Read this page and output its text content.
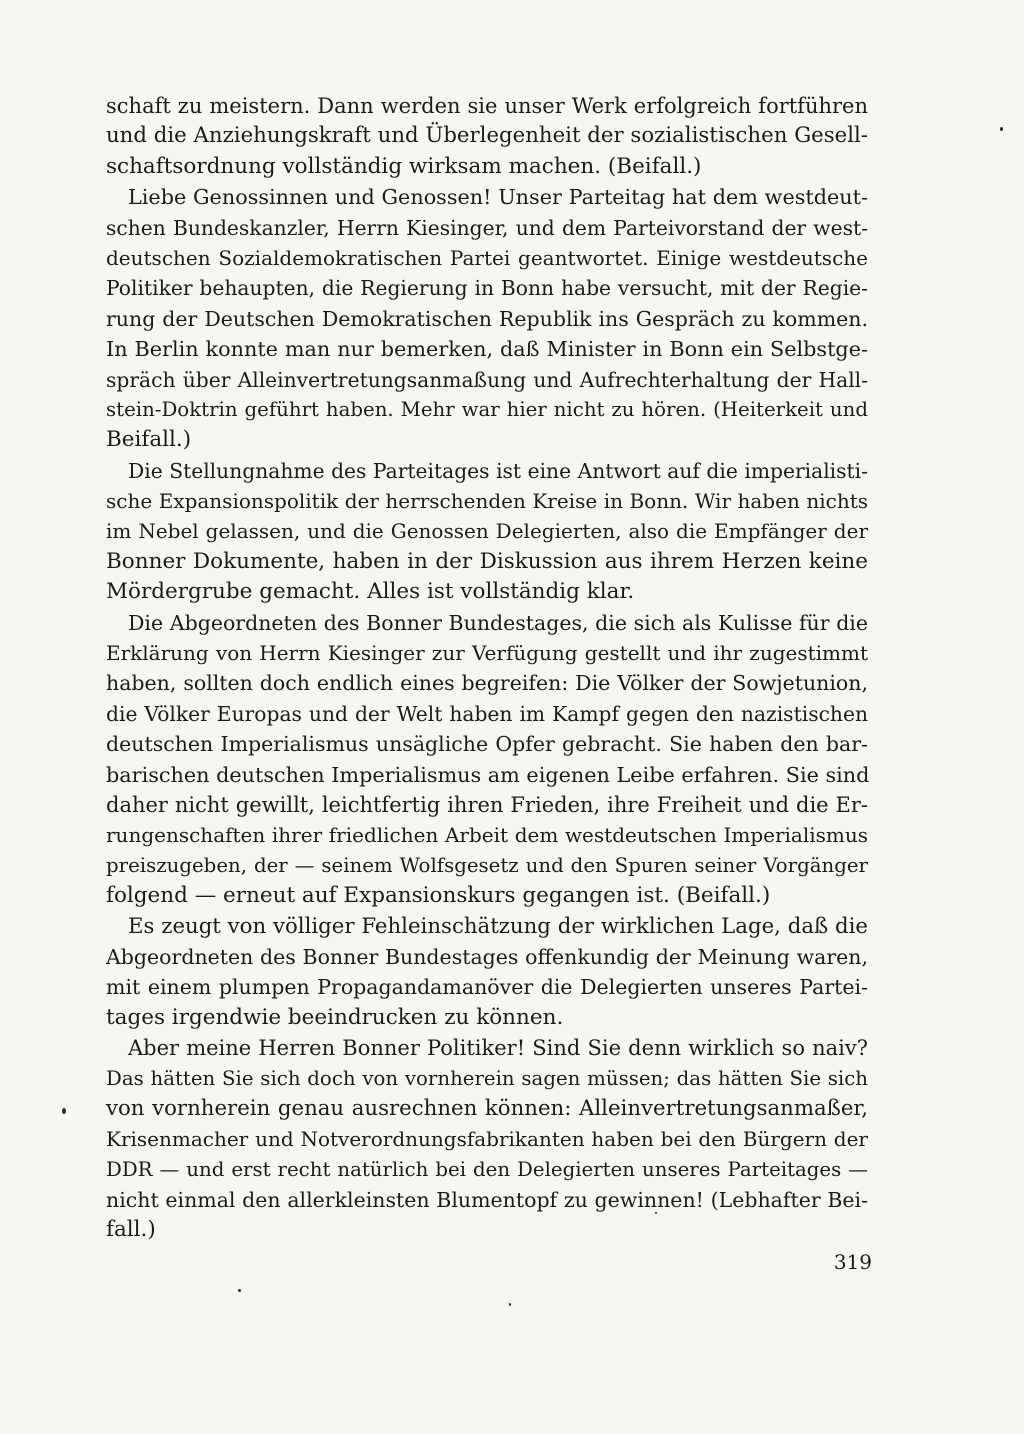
schaft zu meistern. Dann werden sie unser Werk erfolgreich fortführen
und die Anziehungskraft und Überlegenheit der sozialistischen Gesell-
schaftsordnung vollständig wirksam machen. (Beifall.)
Liebe Genossinnen und Genossen! Unser Parteitag hat dem westdeut-
schen Bundeskanzler, Herrn Kiesinger, und dem Parteivorstand der west-
deutschen Sozialdemokratischen Partei geantwortet. Einige westdeutsche
Politiker behaupten, die Regierung in Bonn habe versucht, mit der Regie-
rung der Deutschen Demokratischen Republik ins Gespräch zu kommen.
In Berlin konnte man nur bemerken, daß Minister in Bonn ein Selbstge-
spräch über Alleinvertretungsanmaßung und Aufrechterhaltung der Hall-
stein-Doktrin geführt haben. Mehr war hier nicht zu hören. (Heiterkeit und
Beifall.)
Die Stellungnahme des Parteitages ist eine Antwort auf die imperialisti-
sche Expansionspolitik der herrschenden Kreise in Bonn. Wir haben nichts
im Nebel gelassen, und die Genossen Delegierten, also die Empfänger der
Bonner Dokumente, haben in der Diskussion aus ihrem Herzen keine
Mördergrube gemacht. Alles ist vollständig klar.
Die Abgeordneten des Bonner Bundestages, die sich als Kulisse für die
Erklärung von Herrn Kiesinger zur Verfügung gestellt und ihr zugestimmt
haben, sollten doch endlich eines begreifen: Die Völker der Sowjetunion,
die Völker Europas und der Welt haben im Kampf gegen den nazistischen
deutschen Imperialismus unsägliche Opfer gebracht. Sie haben den bar-
barischen deutschen Imperialismus am eigenen Leibe erfahren. Sie sind
daher nicht gewillt, leichtfertig ihren Frieden, ihre Freiheit und die Er-
rungenschaften ihrer friedlichen Arbeit dem westdeutschen Imperialismus
preiszugeben, der — seinem Wolfsgesetz und den Spuren seiner Vorgänger
folgend — erneut auf Expansionskurs gegangen ist. (Beifall.)
Es zeugt von völliger Fehleinschätzung der wirklichen Lage, daß die
Abgeordneten des Bonner Bundestages offenkundig der Meinung waren,
mit einem plumpen Propagandamanöver die Delegierten unseres Partei-
tages irgendwie beeindrucken zu können.
Aber meine Herren Bonner Politiker! Sind Sie denn wirklich so naiv?
Das hätten Sie sich doch von vornherein sagen müssen; das hätten Sie sich
von vornherein genau ausrechnen können: Alleinvertretungsanmaßer,
Krisenmacher und Notverordnungsfabrikanten haben bei den Bürgern der
DDR — und erst recht natürlich bei den Delegierten unseres Parteitages —
nicht einmal den allerkleinsten Blumentopf zu gewinnen! (Lebhafter Bei-
fall.)
319
